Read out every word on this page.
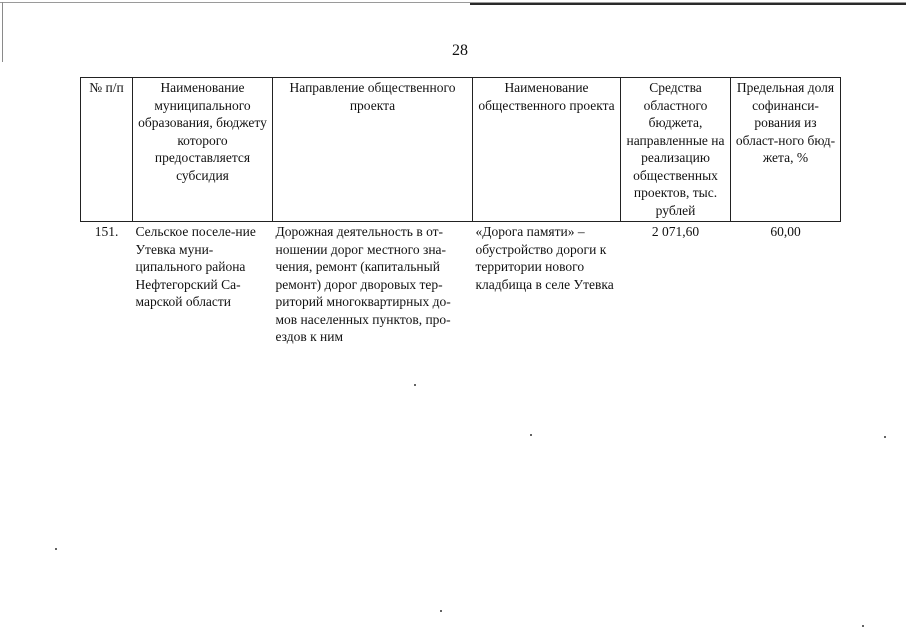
28
№ п/п	Наименование муниципального образования, бюджету которого предоставляется субсидия	Направление общественного проекта	Наименование общественного проекта	Средства областного бюджета, направленные на реализацию общественных проектов, тыс. рублей	Предельная доля софинанси-рования из област-ного бюд-жета, %
151.	Сельское поселе-ние Утевка муни-ципального района Нефтегорский Са-марской области	Дорожная деятельность в от-ношении дорог местного зна-чения, ремонт (капитальный ремонт) дорог дворовых тер-риторий многоквартирных до-мов населенных пунктов, про-ездов к ним	«Дорога памяти» – обустройство дороги к территории нового кладбища в селе Утевка	2 071,60	60,00
